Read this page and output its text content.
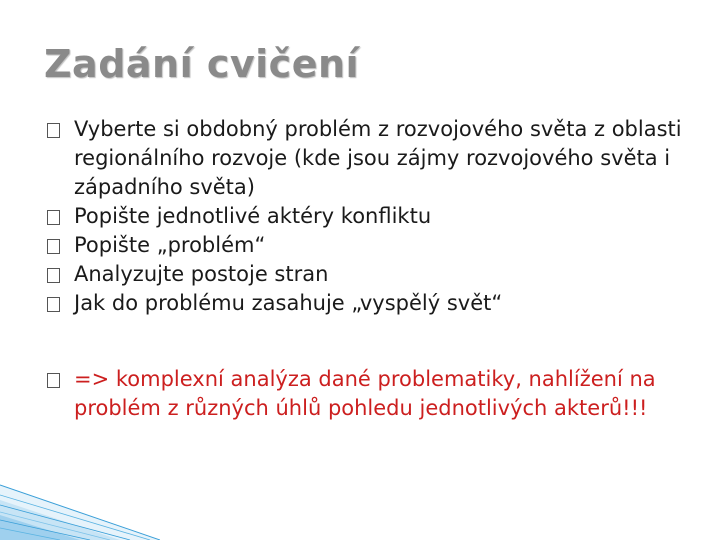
Zadání cvičení
Vyberte si obdobný problém z rozvojového světa z oblasti regionálního rozvoje (kde jsou zájmy rozvojového světa i západního světa)
Popište jednotlivé aktéry konfliktu
Popište „problém“
Analyzujte postoje stran
Jak do problému zasahuje „vyspělý svět“
=> komplexní analýza dané problematiky, nahlížení na problém z různých úhlů pohledu jednotlivých akterů!!!
